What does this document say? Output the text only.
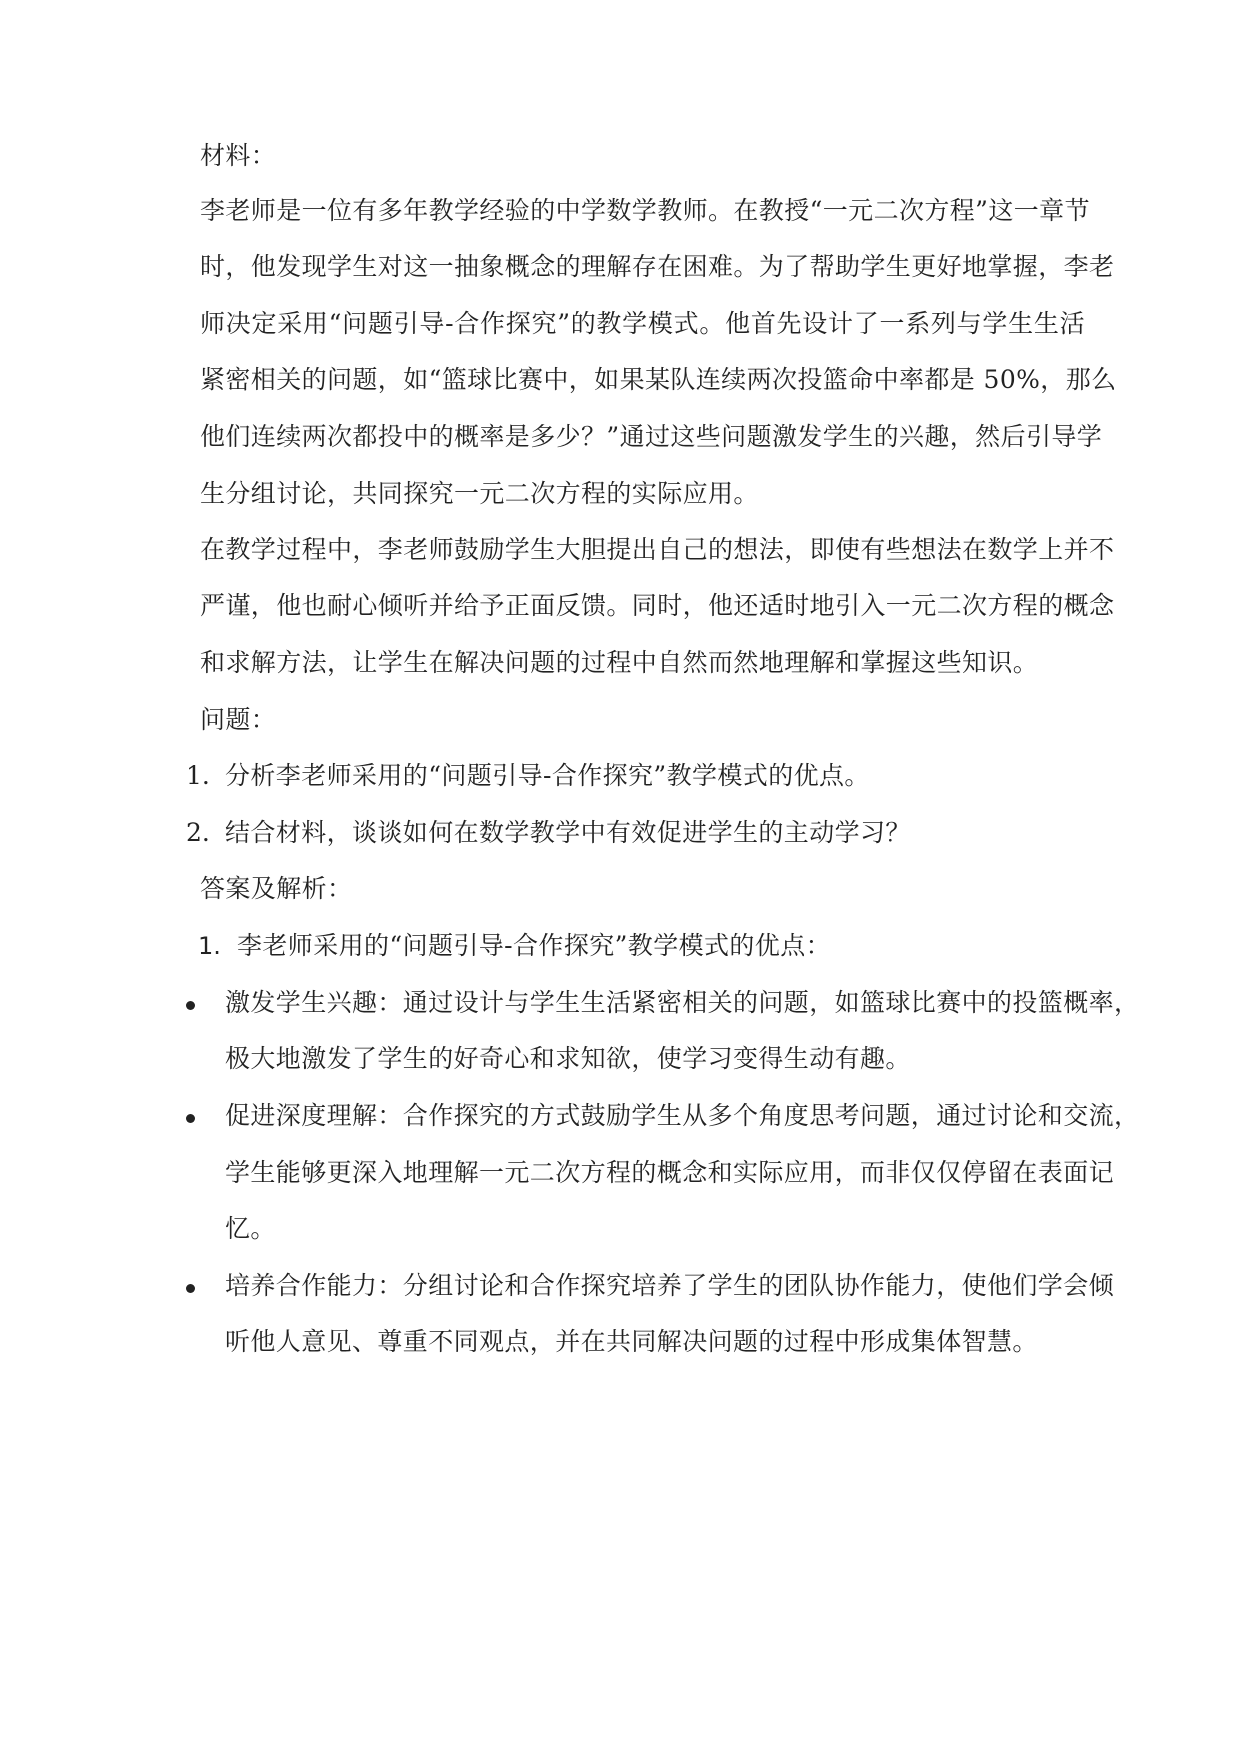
材料：
李老师是一位有多年教学经验的中学数学教师。在教授“一元二次方程”这一章节
时，他发现学生对这一抽象概念的理解存在困难。为了帮助学生更好地掌握，李老
师决定采用“问题引导-合作探究”的教学模式。他首先设计了一系列与学生生活
紧密相关的问题，如“篮球比赛中，如果某队连续两次投篮命中率都是 50%，那么
他们连续两次都投中的概率是多少？”通过这些问题激发学生的兴趣，然后引导学
生分组讨论，共同探究一元二次方程的实际应用。
在教学过程中，李老师鼓励学生大胆提出自己的想法，即使有些想法在数学上并不
严谨，他也耐心倾听并给予正面反馈。同时，他还适时地引入一元二次方程的概念
和求解方法，让学生在解决问题的过程中自然而然地理解和掌握这些知识。
问题：
1. 分析李老师采用的“问题引导-合作探究”教学模式的优点。
2. 结合材料，谈谈如何在数学教学中有效促进学生的主动学习？
答案及解析：
1. 李老师采用的“问题引导-合作探究”教学模式的优点：
激发学生兴趣：通过设计与学生生活紧密相关的问题，如篮球比赛中的投篮概率，
极大地激发了学生的好奇心和求知欲，使学习变得生动有趣。
促进深度理解：合作探究的方式鼓励学生从多个角度思考问题，通过讨论和交流，
学生能够更深入地理解一元二次方程的概念和实际应用，而非仅仅停留在表面记
忆。
培养合作能力：分组讨论和合作探究培养了学生的团队协作能力，使他们学会倾
听他人意见、尊重不同观点，并在共同解决问题的过程中形成集体智慧。
